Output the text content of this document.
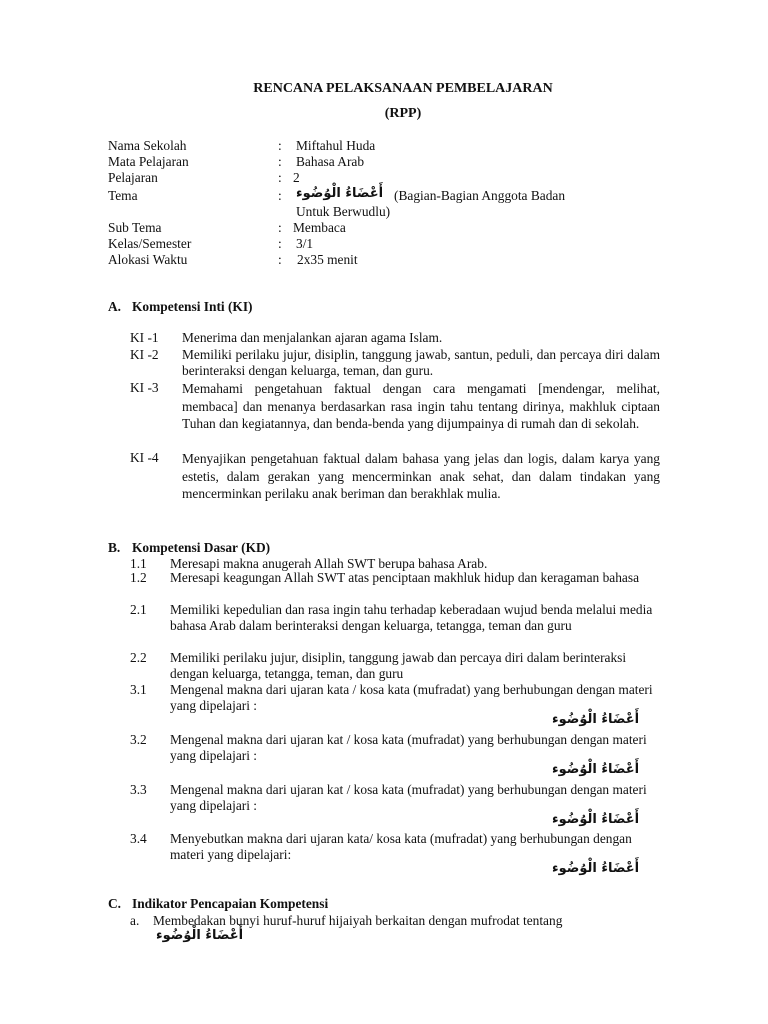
RENCANA PELAKSANAAN PEMBELAJARAN
(RPP)
Nama Sekolah	: Miftahul Huda
Mata Pelajaran	: Bahasa Arab
Pelajaran	: 2
Tema	: أَعْضَاءُ الْوُضُوء (Bagian-Bagian Anggota Badan
Untuk Berwudlu)
Sub Tema	: Membaca
Kelas/Semester	: 3/1
Alokasi Waktu	: 2x35 menit
A. Kompetensi Inti (KI)
KI -1 Menerima dan menjalankan ajaran agama Islam.
KI -2 Memiliki perilaku jujur, disiplin, tanggung jawab, santun, peduli, dan percaya diri dalam berinteraksi dengan keluarga, teman, dan guru.
KI -3 Memahami pengetahuan faktual dengan cara mengamati [mendengar, melihat, membaca] dan menanya berdasarkan rasa ingin tahu tentang dirinya, makhluk ciptaan Tuhan dan kegiatannya, dan benda-benda yang dijumpainya di rumah dan di sekolah.
KI -4 Menyajikan pengetahuan faktual dalam bahasa yang jelas dan logis, dalam karya yang estetis, dalam gerakan yang mencerminkan anak sehat, dan dalam tindakan yang mencerminkan perilaku anak beriman dan berakhlak mulia.
B. Kompetensi Dasar (KD)
1.1 Meresapi makna anugerah Allah SWT berupa bahasa Arab.
1.2 Meresapi keagungan Allah SWT atas penciptaan makhluk hidup dan keragaman bahasa
2.1 Memiliki kepedulian dan rasa ingin tahu terhadap keberadaan wujud benda melalui media bahasa Arab dalam berinteraksi dengan keluarga, tetangga, teman dan guru
2.2 Memiliki perilaku jujur, disiplin, tanggung jawab dan percaya diri dalam berinteraksi dengan keluarga, tetangga, teman, dan guru
3.1 Mengenal makna dari ujaran kata / kosa kata (mufradat) yang berhubungan dengan materi yang dipelajari :
أَعْضَاءُ الْوُضُوء
3.2 Mengenal makna dari ujaran kat / kosa kata (mufradat) yang berhubungan dengan materi yang dipelajari :
أَعْضَاءُ الْوُضُوء
3.3 Mengenal makna dari ujaran kat / kosa kata (mufradat) yang berhubungan dengan materi yang dipelajari :
أَعْضَاءُ الْوُضُوء
3.4 Menyebutkan makna dari ujaran kata/ kosa kata (mufradat) yang berhubungan dengan materi yang dipelajari:
أَعْضَاءُ الْوُضُوء
C. Indikator Pencapaian Kompetensi
a. Membedakan bunyi huruf-huruf hijaiyah berkaitan dengan mufrodat tentang
أَعْضَاءُ الْوُضُوء
